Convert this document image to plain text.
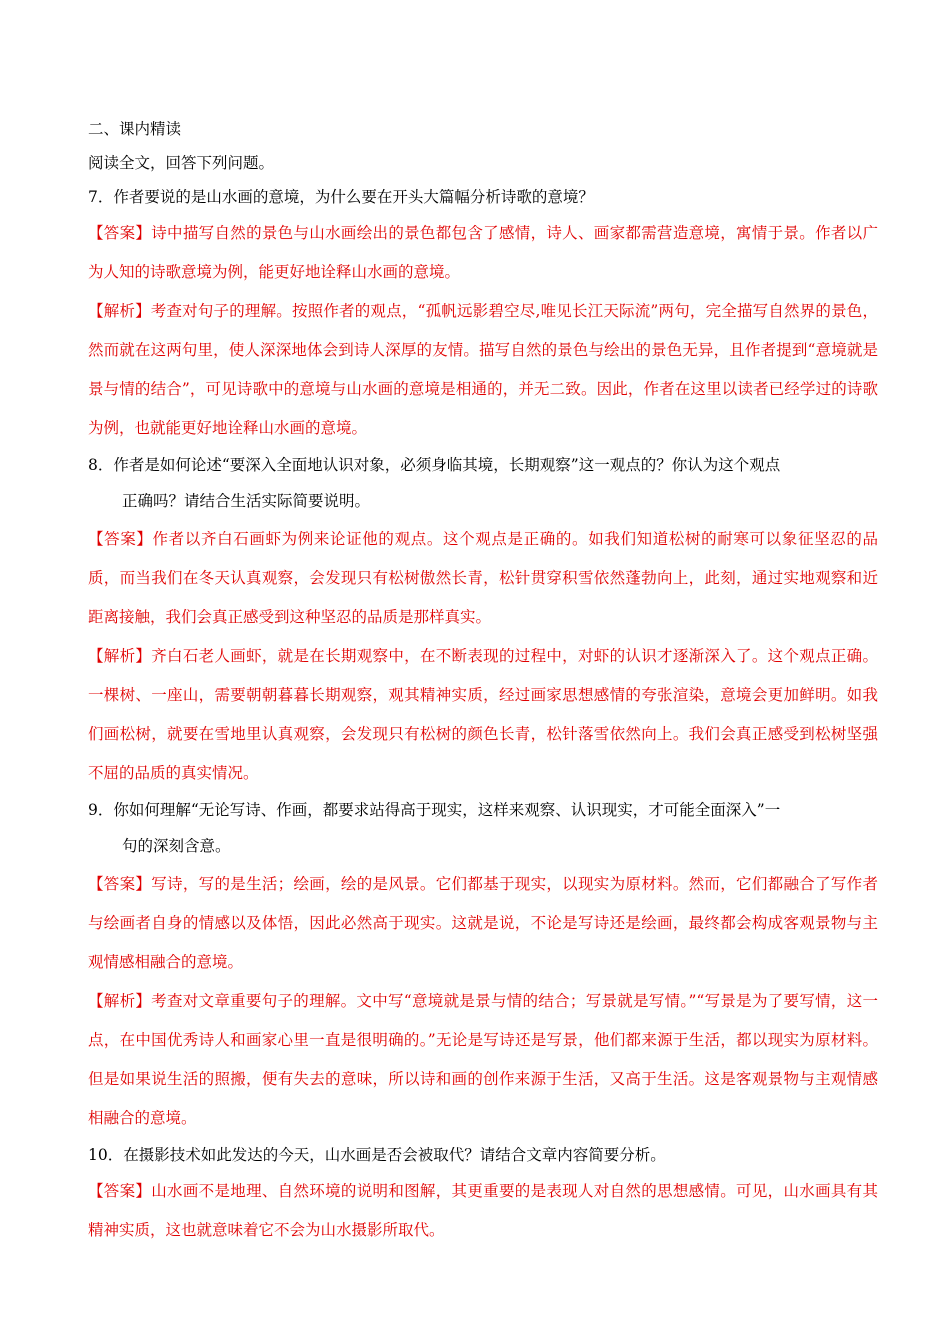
二、课内精读

阅读全文，回答下列问题。

7．作者要说的是山水画的意境，为什么要在开头大篇幅分析诗歌的意境？

【答案】诗中描写自然的景色与山水画绘出的景色都包含了感情，诗人、画家都需营造意境，寓情于景。作者以广为人知的诗歌意境为例，能更好地诠释山水画的意境。

【解析】考查对句子的理解。按照作者的观点，“孤帆远影碧空尽,唯见长江天际流”两句，完全描写自然界的景色，然而就在这两句里，使人深深地体会到诗人深厚的友情。描写自然的景色与绘出的景色无异，且作者提到“意境就是景与情的结合”，可见诗歌中的意境与山水画的意境是相通的，并无二致。因此，作者在这里以读者已经学过的诗歌为例，也就能更好地诠释山水画的意境。

8．作者是如何论述“要深入全面地认识对象，必须身临其境，长期观察”这一观点的？你认为这个观点
正确吗？请结合生活实际简要说明。

【答案】作者以齐白石画虾为例来论证他的观点。这个观点是正确的。如我们知道松树的耐寒可以象征坚忍的品质，而当我们在冬天认真观察，会发现只有松树傲然长青，松针贯穿积雪依然蓬勃向上，此刻，通过实地观察和近距离接触，我们会真正感受到这种坚忍的品质是那样真实。

【解析】齐白石老人画虾，就是在长期观察中，在不断表现的过程中，对虾的认识才逐渐深入了。这个观点正确。一棵树、一座山，需要朝朝暮暮长期观察，观其精神实质，经过画家思想感情的夸张渲染，意境会更加鲜明。如我们画松树，就要在雪地里认真观察，会发现只有松树的颜色长青，松针落雪依然向上。我们会真正感受到松树坚强不屈的品质的真实情况。

9．你如何理解“无论写诗、作画，都要求站得高于现实，这样来观察、认识现实，才可能全面深入”一
句的深刻含意。

【答案】写诗，写的是生活；绘画，绘的是风景。它们都基于现实，以现实为原材料。然而，它们都融合了写作者与绘画者自身的情感以及体悟，因此必然高于现实。这就是说，不论是写诗还是绘画，最终都会构成客观景物与主观情感相融合的意境。

【解析】考查对文章重要句子的理解。文中写“意境就是景与情的结合；写景就是写情。”“写景是为了要写情，这一点，在中国优秀诗人和画家心里一直是很明确的。”无论是写诗还是写景，他们都来源于生活，都以现实为原材料。但是如果说生活的照搬，便有失去的意味，所以诗和画的创作来源于生活，又高于生活。这是客观景物与主观情感相融合的意境。

10．在摄影技术如此发达的今天，山水画是否会被取代？请结合文章内容简要分析。

【答案】山水画不是地理、自然环境的说明和图解，其更重要的是表现人对自然的思想感情。可见，山水画具有其精神实质，这也就意味着它不会为山水摄影所取代。
